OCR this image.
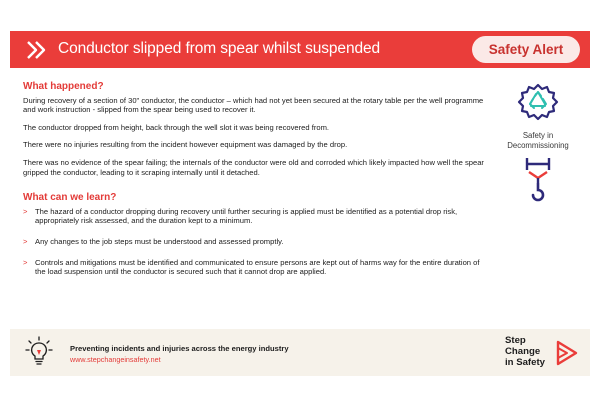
Conductor slipped from spear whilst suspended	Safety Alert
What happened?

During recovery of a section of 30" conductor, the conductor – which had not yet been secured at the rotary table per the well programme and work instruction - slipped from the spear being used to recover it.

The conductor dropped from height, back through the well slot it was being recovered from.

There were no injuries resulting from the incident however equipment was damaged by the drop.

There was no evidence of the spear failing; the internals of the conductor were old and corroded which likely impacted how well the spear gripped the conductor, leading to it scraping internally until it detached.

What can we learn?
> The hazard of a conductor dropping during recovery until further securing is applied must be identified as a potential drop risk, appropriately risk assessed, and the duration kept to a minimum.
> Any changes to the job steps must be understood and assessed promptly.
> Controls and mitigations must be identified and communicated to ensure persons are kept out of harms way for the entire duration of the load suspension until the conductor is secured such that it cannot drop are applied.
Safety in
Decommissioning
Preventing incidents and injuries across the energy industry
www.stepchangeinsafety.net
Step
Change
in Safety
